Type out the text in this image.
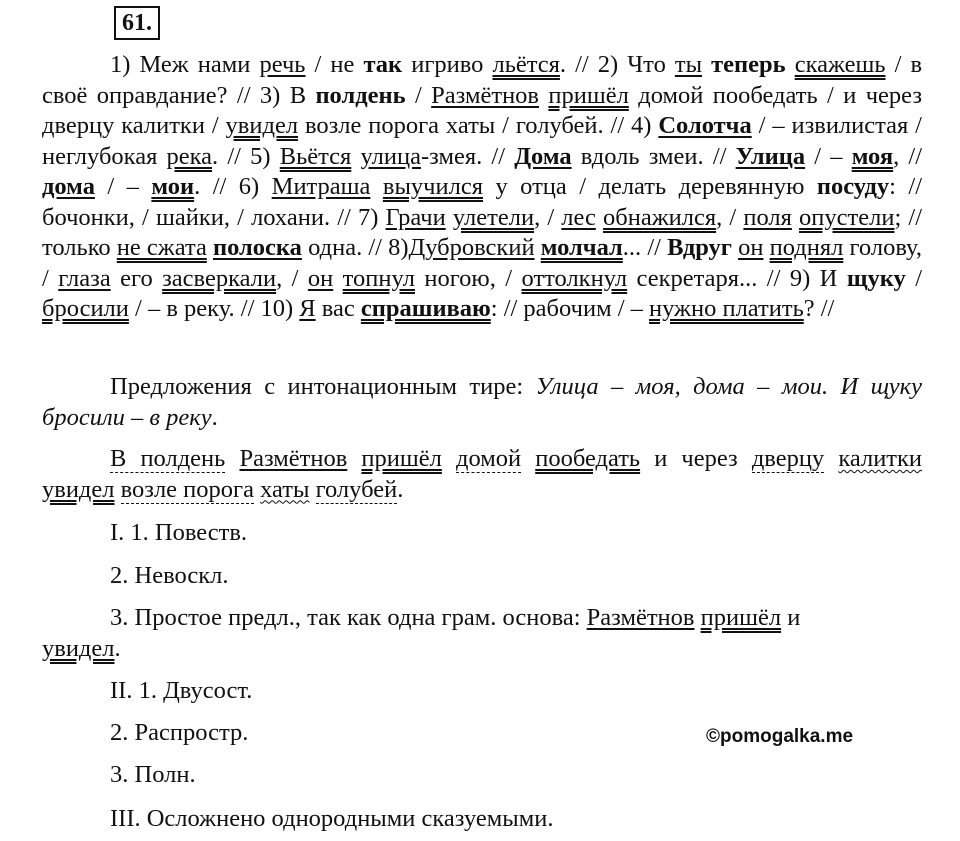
61.
1) Меж нами речь / не так игриво льётся. // 2) Что ты теперь скажешь / в своё оправдание? // 3) В полдень / Размётнов пришёл домой пообедать / и через дверцу калитки / увидел возле порога хаты / голубей. // 4) Солотча / – извилистая / неглубокая река. // 5) Вьётся улица-змея. // Дома вдоль змеи. // Улица / – моя, // дома / – мои. // 6) Митраша выучился у отца / делать деревянную посуду: // бочонки, / шайки, / лохани. // 7) Грачи улетели, / лес обнажился, / поля опустели; // только не сжата полоска одна. // 8)Дубровский молчал... // Вдруг он поднял голову, / глаза его засверкали, / он топнул ногою, / оттолкнул секретаря... // 9) И щуку / бросили / – в реку. // 10) Я вас спрашиваю: // рабочим / – нужно платить? //
Предложения с интонационным тире: Улица – моя, дома – мои. И щуку бросили – в реку.
В полдень Размётнов пришёл домой пообедать и через дверцу калитки увидел возле порога хаты голубей.
I. 1. Повеств.
2. Невоскл.
3. Простое предл., так как одна грам. основа: Размётнов пришёл и
увидел.
II. 1. Двусост.
2. Распростр.
3. Полн.
III. Осложнено однородными сказуемыми.
©pomogalka.me
